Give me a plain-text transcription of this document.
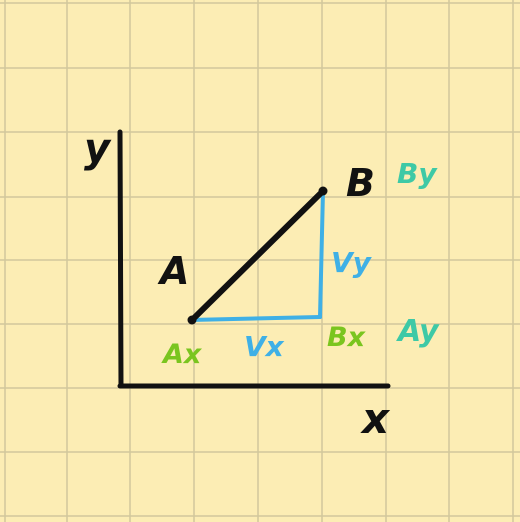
y
x
A
B
Vy
Vx
Ax
Bx
By
Ay
